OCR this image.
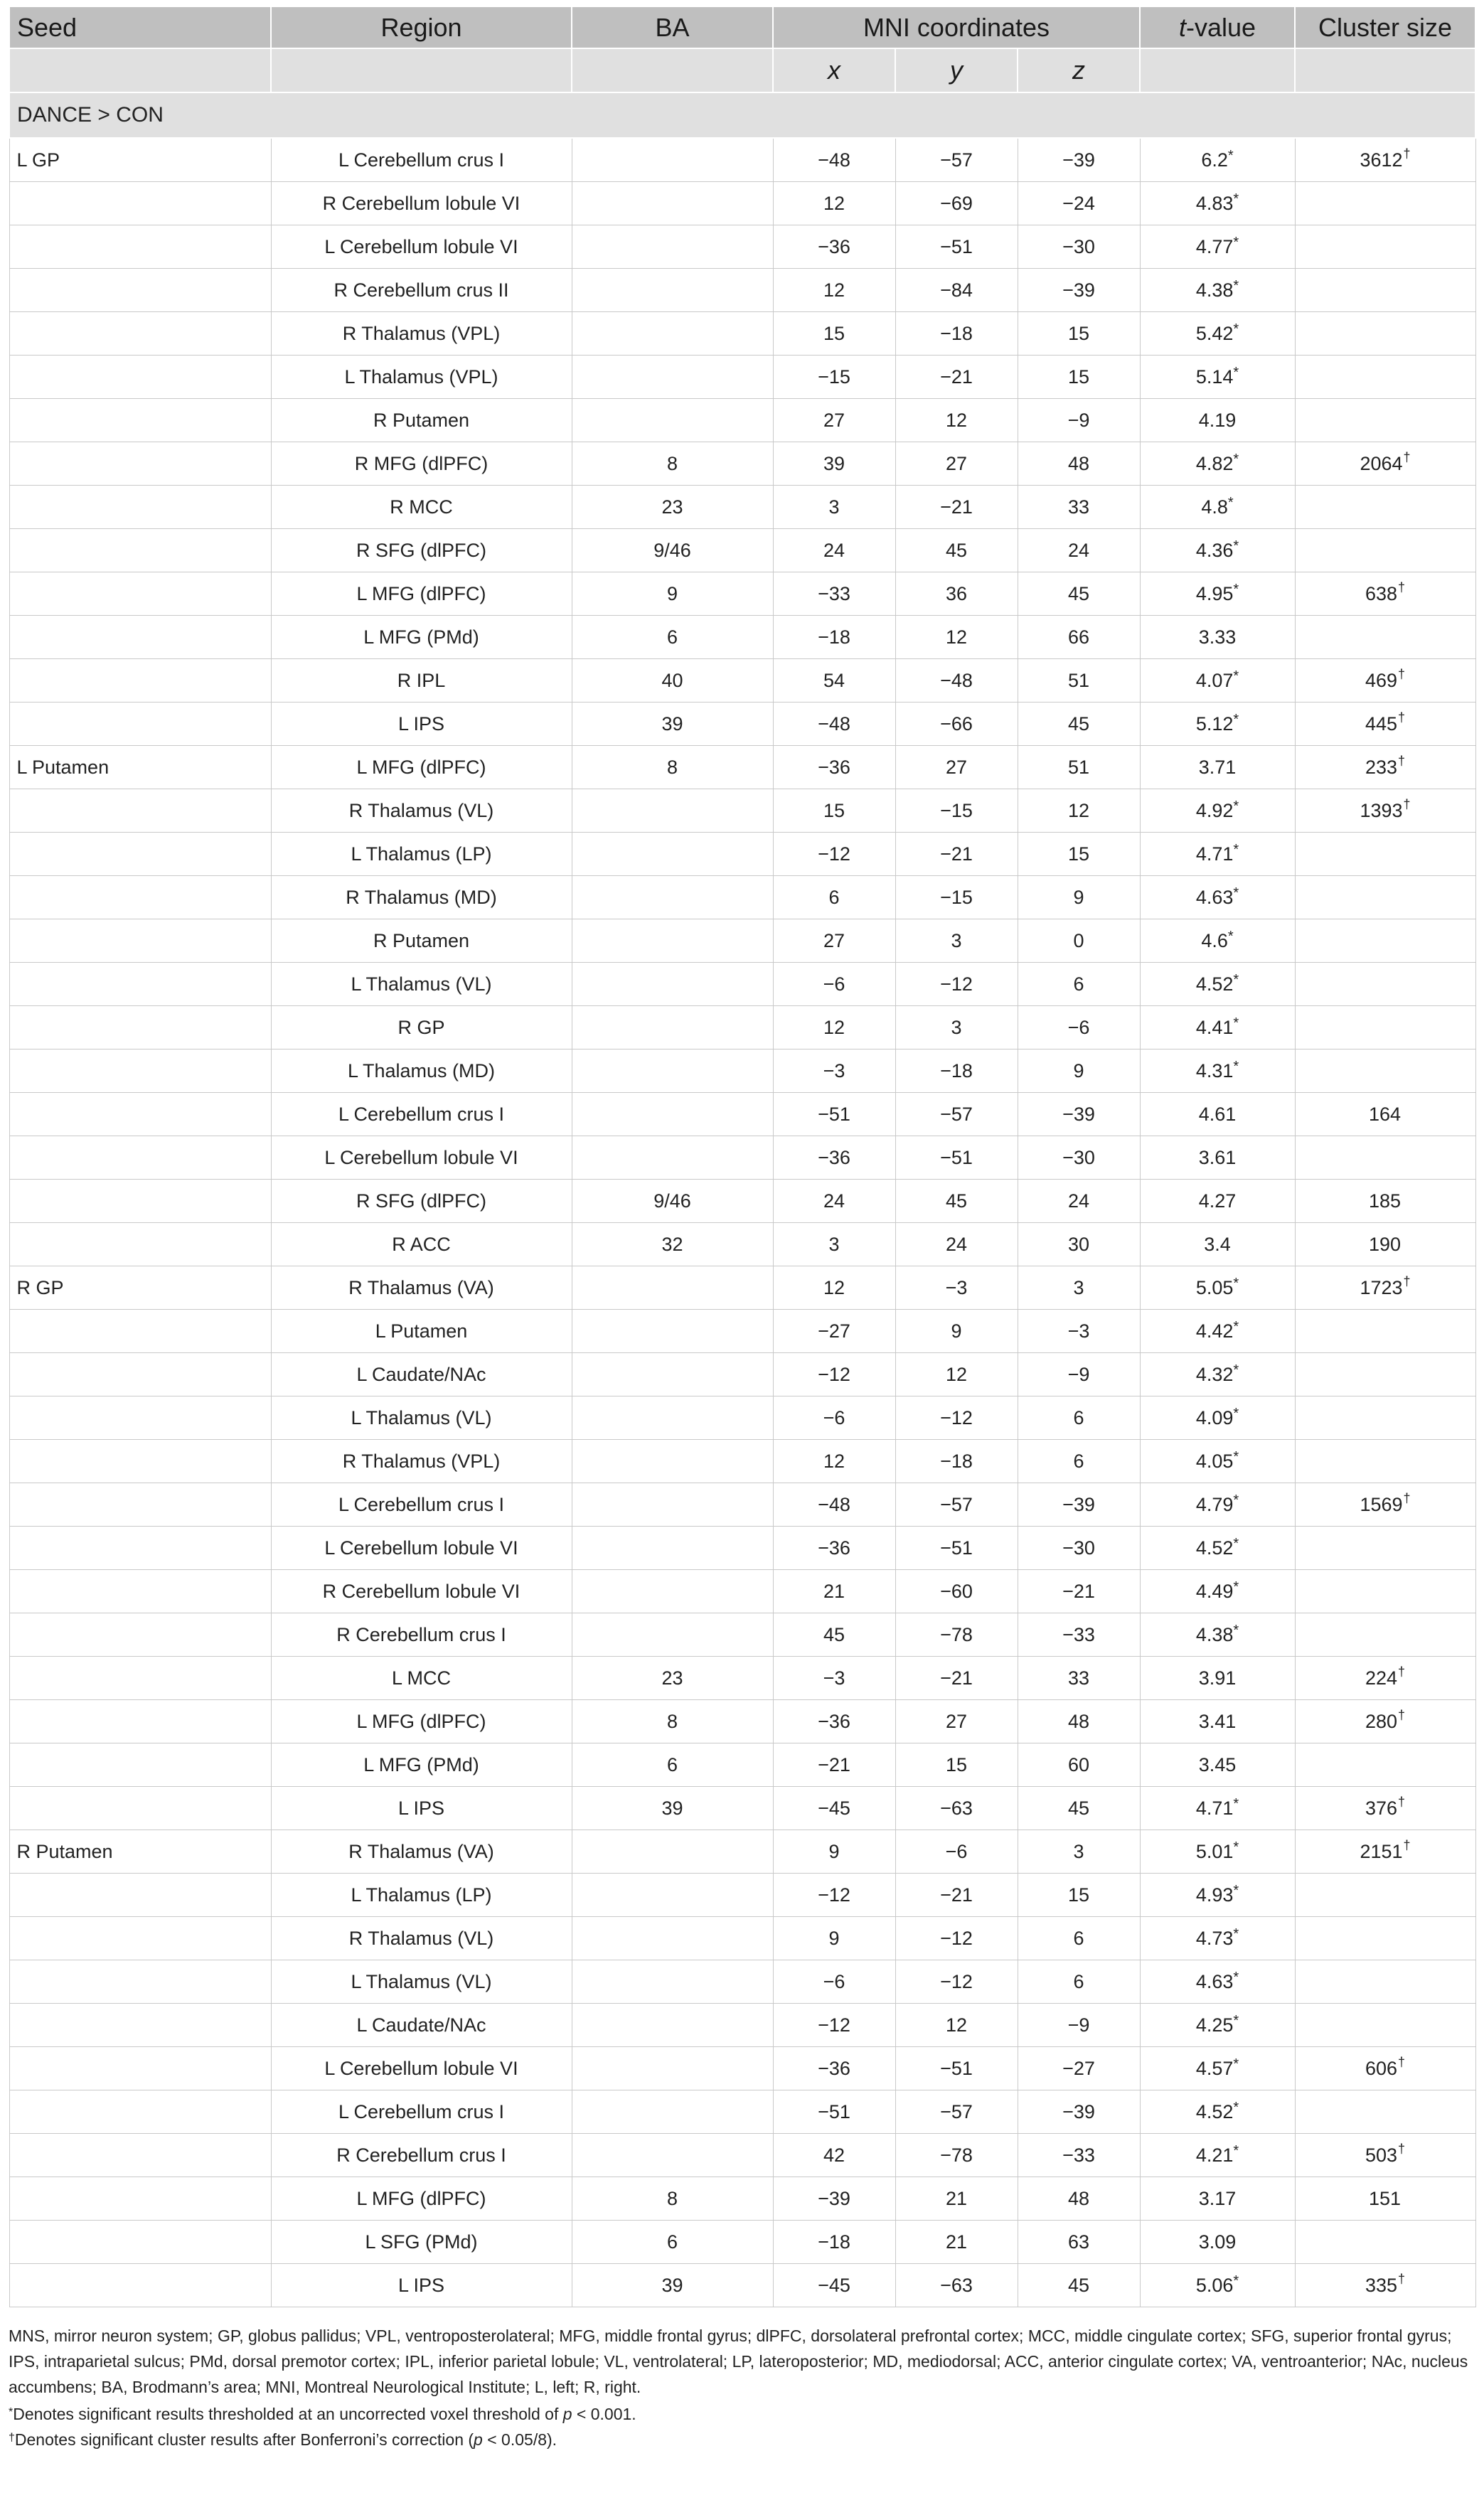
Seed	Region	BA	MNI coordinates			t-value	Cluster size
			x	y	z		
DANCE > CON							
L GP	L Cerebellum crus I		−48	−57	−39	6.2*	3612†
	R Cerebellum lobule VI		12	−69	−24	4.83*	
	L Cerebellum lobule VI		−36	−51	−30	4.77*	
	R Cerebellum crus II		12	−84	−39	4.38*	
	R Thalamus (VPL)		15	−18	15	5.42*	
	L Thalamus (VPL)		−15	−21	15	5.14*	
	R Putamen		27	12	−9	4.19	
	R MFG (dlPFC)	8	39	27	48	4.82*	2064†
	R MCC	23	3	−21	33	4.8*	
	R SFG (dlPFC)	9/46	24	45	24	4.36*	
	L MFG (dlPFC)	9	−33	36	45	4.95*	638†
	L MFG (PMd)	6	−18	12	66	3.33	
	R IPL	40	54	−48	51	4.07*	469†
	L IPS	39	−48	−66	45	5.12*	445†
L Putamen	L MFG (dlPFC)	8	−36	27	51	3.71	233†
	R Thalamus (VL)		15	−15	12	4.92*	1393†
	L Thalamus (LP)		−12	−21	15	4.71*	
	R Thalamus (MD)		6	−15	9	4.63*	
	R Putamen		27	3	0	4.6*	
	L Thalamus (VL)		−6	−12	6	4.52*	
	R GP		12	3	−6	4.41*	
	L Thalamus (MD)		−3	−18	9	4.31*	
	L Cerebellum crus I		−51	−57	−39	4.61	164
	L Cerebellum lobule VI		−36	−51	−30	3.61	
	R SFG (dlPFC)	9/46	24	45	24	4.27	185
	R ACC	32	3	24	30	3.4	190
R GP	R Thalamus (VA)		12	−3	3	5.05*	1723†
	L Putamen		−27	9	−3	4.42*	
	L Caudate/NAc		−12	12	−9	4.32*	
	L Thalamus (VL)		−6	−12	6	4.09*	
	R Thalamus (VPL)		12	−18	6	4.05*	
	L Cerebellum crus I		−48	−57	−39	4.79*	1569†
	L Cerebellum lobule VI		−36	−51	−30	4.52*	
	R Cerebellum lobule VI		21	−60	−21	4.49*	
	R Cerebellum crus I		45	−78	−33	4.38*	
	L MCC	23	−3	−21	33	3.91	224†
	L MFG (dlPFC)	8	−36	27	48	3.41	280†
	L MFG (PMd)	6	−21	15	60	3.45	
	L IPS	39	−45	−63	45	4.71*	376†
R Putamen	R Thalamus (VA)		9	−6	3	5.01*	2151†
	L Thalamus (LP)		−12	−21	15	4.93*	
	R Thalamus (VL)		9	−12	6	4.73*	
	L Thalamus (VL)		−6	−12	6	4.63*	
	L Caudate/NAc		−12	12	−9	4.25*	
	L Cerebellum lobule VI		−36	−51	−27	4.57*	606†
	L Cerebellum crus I		−51	−57	−39	4.52*	
	R Cerebellum crus I		42	−78	−33	4.21*	503†
	L MFG (dlPFC)	8	−39	21	48	3.17	151
	L SFG (PMd)	6	−18	21	63	3.09	
	L IPS	39	−45	−63	45	5.06*	335†
MNS, mirror neuron system; GP, globus pallidus; VPL, ventroposterolateral; MFG, middle frontal gyrus; dlPFC, dorsolateral prefrontal cortex; MCC, middle cingulate cortex; SFG, superior frontal gyrus; IPS, intraparietal sulcus; PMd, dorsal premotor cortex; IPL, inferior parietal lobule; VL, ventrolateral; LP, lateroposterior; MD, mediodorsal; ACC, anterior cingulate cortex; VA, ventroanterior; NAc, nucleus accumbens; BA, Brodmann’s area; MNI, Montreal Neurological Institute; L, left; R, right.
*Denotes significant results thresholded at an uncorrected voxel threshold of p < 0.001.
†Denotes significant cluster results after Bonferroni’s correction (p < 0.05/8).
